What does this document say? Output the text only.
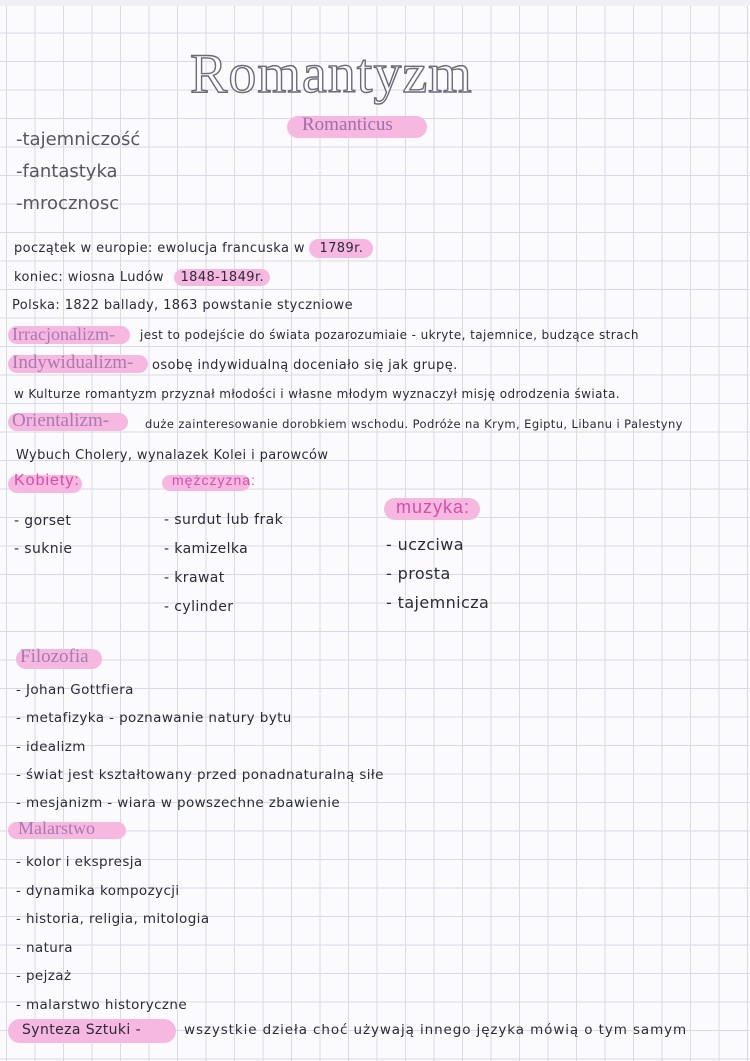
Romantyzm
Romanticus
-tajemniczość
-fantastyka
-mrocznosc
początek w europie: ewolucja francuska w 1789r.
koniec: wiosna Ludów 1848-1849r.
Polska: 1822 ballady, 1863 powstanie styczniowe
Irracjonalizm- jest to podejście do świata pozarozumiaie - ukryte, tajemnice, budzące strach
Indywidualizm- osobę indywidualną doceniało się jak grupę.
w Kulturze romantyzm przyznał młodości i własne młodym wyznaczył misję odrodzenia świata.
Orientalizm-	duże zainteresowanie dorobkiem wschodu. Podróże na Krym, Egiptu, Libanu i Palestyny
Wybuch Cholery, wynalazek Kolei i parowców
Kobiety:
- gorset
- suknie
mężczyzna:
- surdut lub frak
- kamizelka
- krawat
- cylinder
muzyka:
- uczciwa
- prosta
- tajemnicza
Filozofia
- Johan Gottfiera
- metafizyka - poznawanie natury bytu
- idealizm
- świat jest kształtowany przed ponadnaturalną siłe
- mesjanizm - wiara w powszechne zbawienie
Malarstwo
- kolor i ekspresja
- dynamika kompozycji
- historia, religia, mitologia
- natura
- pejzaż
- malarstwo historyczne
Synteza Sztuki -	wszystkie dzieła choć używają innego języka mówią o tym samym
